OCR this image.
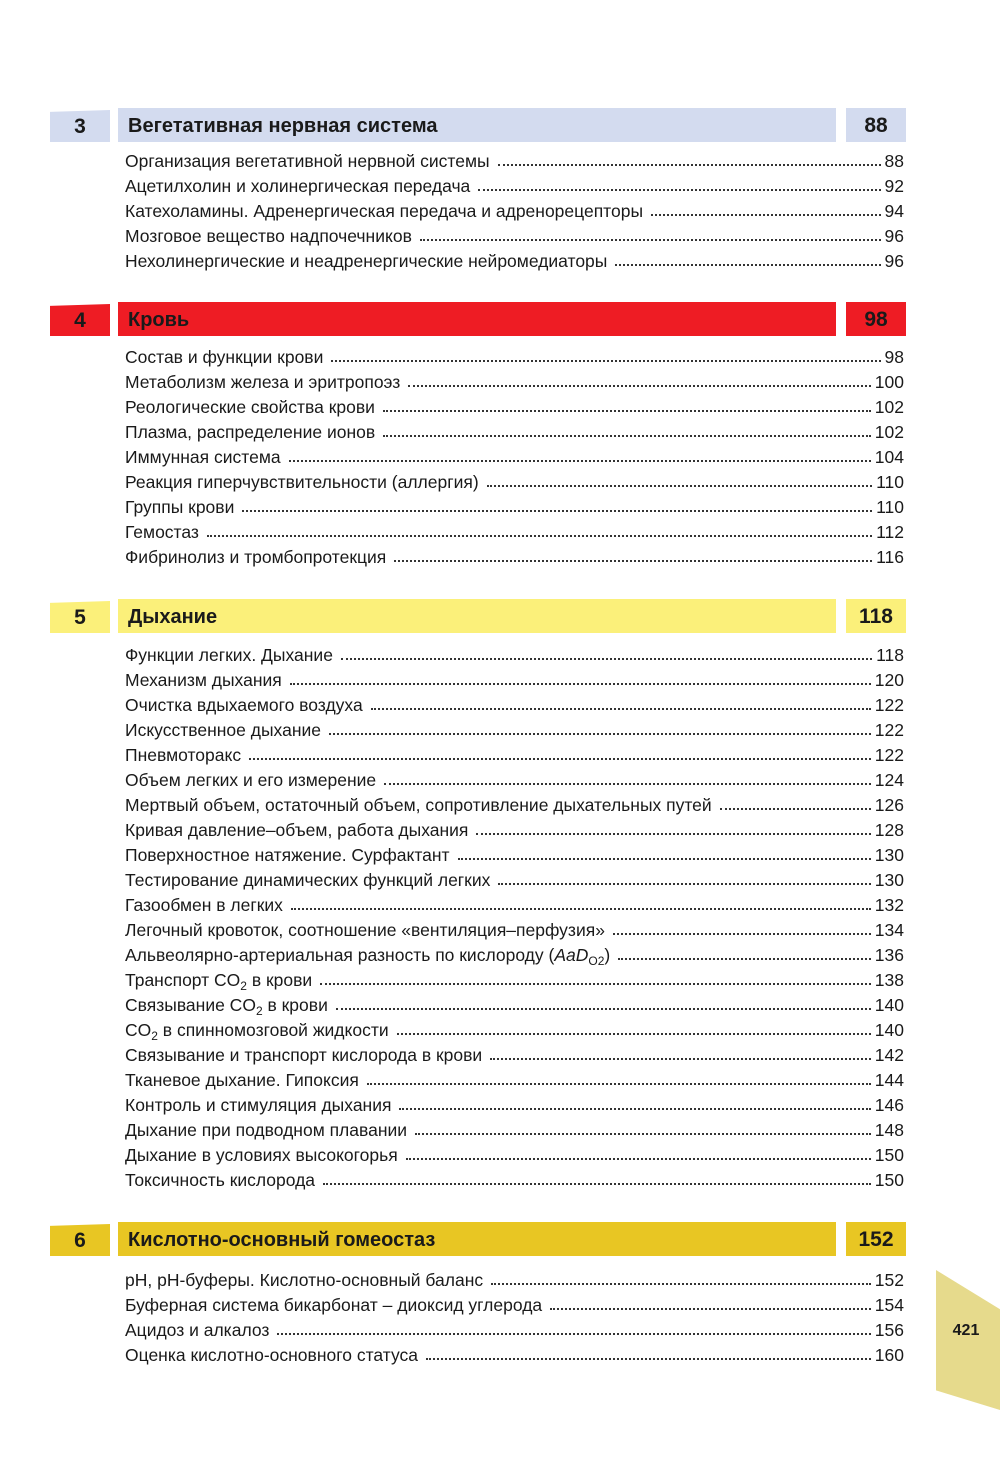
3	Вегетативная нервная система	88
Организация вегетативной нервной системы	88
Ацетилхолин и холинергическая передача	92
Катехоламины. Адренергическая передача и адренорецепторы	94
Мозговое вещество надпочечников	96
Нехолинергические и неадренергические нейромедиаторы	96
4	Кровь	98
Состав и функции крови	98
Метаболизм железа и эритропоэз	100
Реологические свойства крови	102
Плазма, распределение ионов	102
Иммунная система	104
Реакция гиперчувствительности (аллергия)	110
Группы крови	110
Гемостаз	112
Фибринолиз и тромбопротекция	116
5	Дыхание	118
Функции легких. Дыхание	118
Механизм дыхания	120
Очистка вдыхаемого воздуха	122
Искусственное дыхание	122
Пневмоторакс	122
Объем легких и его измерение	124
Мертвый объем, остаточный объем, сопротивление дыхательных путей	126
Кривая давление–объем, работа дыхания	128
Поверхностное натяжение. Сурфактант	130
Тестирование динамических функций легких	130
Газообмен в легких	132
Легочный кровоток, соотношение «вентиляция–перфузия»	134
Альвеолярно-артериальная разность по кислороду (AaD$_{O2}$)	136
Транспорт $CO_2$ в крови	138
Связывание $CO_2$ в крови	140
$CO_2$ в спинномозговой жидкости	140
Связывание и транспорт кислорода в крови	142
Тканевое дыхание. Гипоксия	144
Контроль и стимуляция дыхания	146
Дыхание при подводном плавании	148
Дыхание в условиях высокогорья	150
Токсичность кислорода	150
6	Кислотно-основный гомеостаз	152
pH, pH-буферы. Кислотно-основный баланс	152
Буферная система бикарбонат – диоксид углерода	154
Ацидоз и алкалоз	156
Оценка кислотно-основного статуса	160
421
